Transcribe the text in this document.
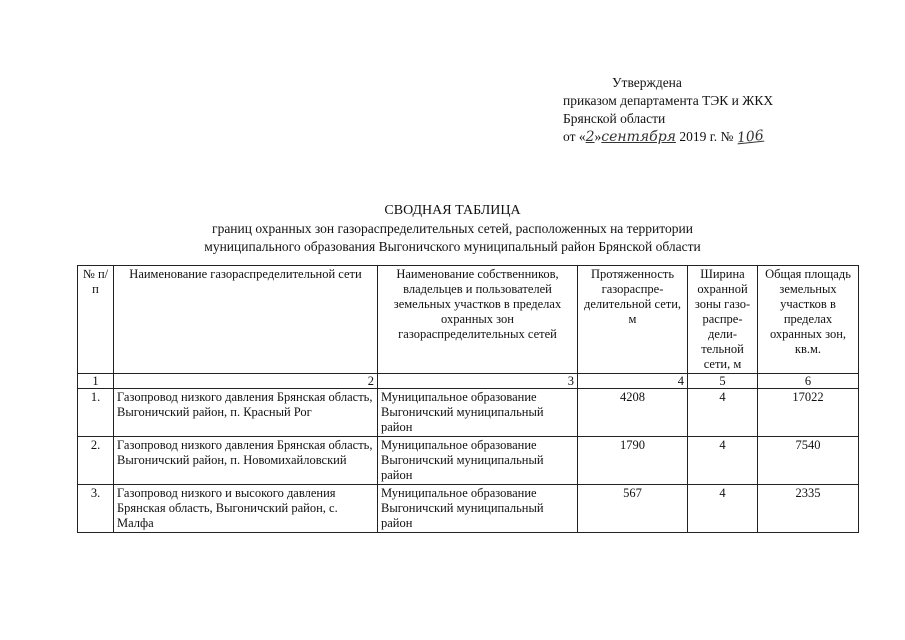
Утверждена
приказом департамента ТЭК и ЖКХ
Брянской области
от «2»сентября 2019 г. № 106
СВОДНАЯ ТАБЛИЦА
границ охранных зон газораспределительных сетей, расположенных на территории
муниципального образования Выгоничского муниципальный район Брянской области
№ п/п	Наименование газораспределительной сети	Наименование собственников, владельцев и пользователей земельных участков в пределах охранных зон газораспределительных сетей	Протяженность газораспре-делительной сети, м	Ширина охранной зоны газо-распре-дели-тельной сети, м	Общая площадь земельных участков в пределах охранных зон, кв.м.
1	2	3	4	5	6
1.	Газопровод низкого давления Брянская область, Выгоничский район, п. Красный Рог	Муниципальное образование Выгоничский муниципальный район	4208	4	17022
2.	Газопровод низкого давления Брянская область, Выгоничский район, п. Новомихайловский	Муниципальное образование Выгоничский муниципальный район	1790	4	7540
3.	Газопровод низкого и высокого давления Брянская область, Выгоничский район, с. Малфа	Муниципальное образование Выгоничский муниципальный район	567	4	2335
